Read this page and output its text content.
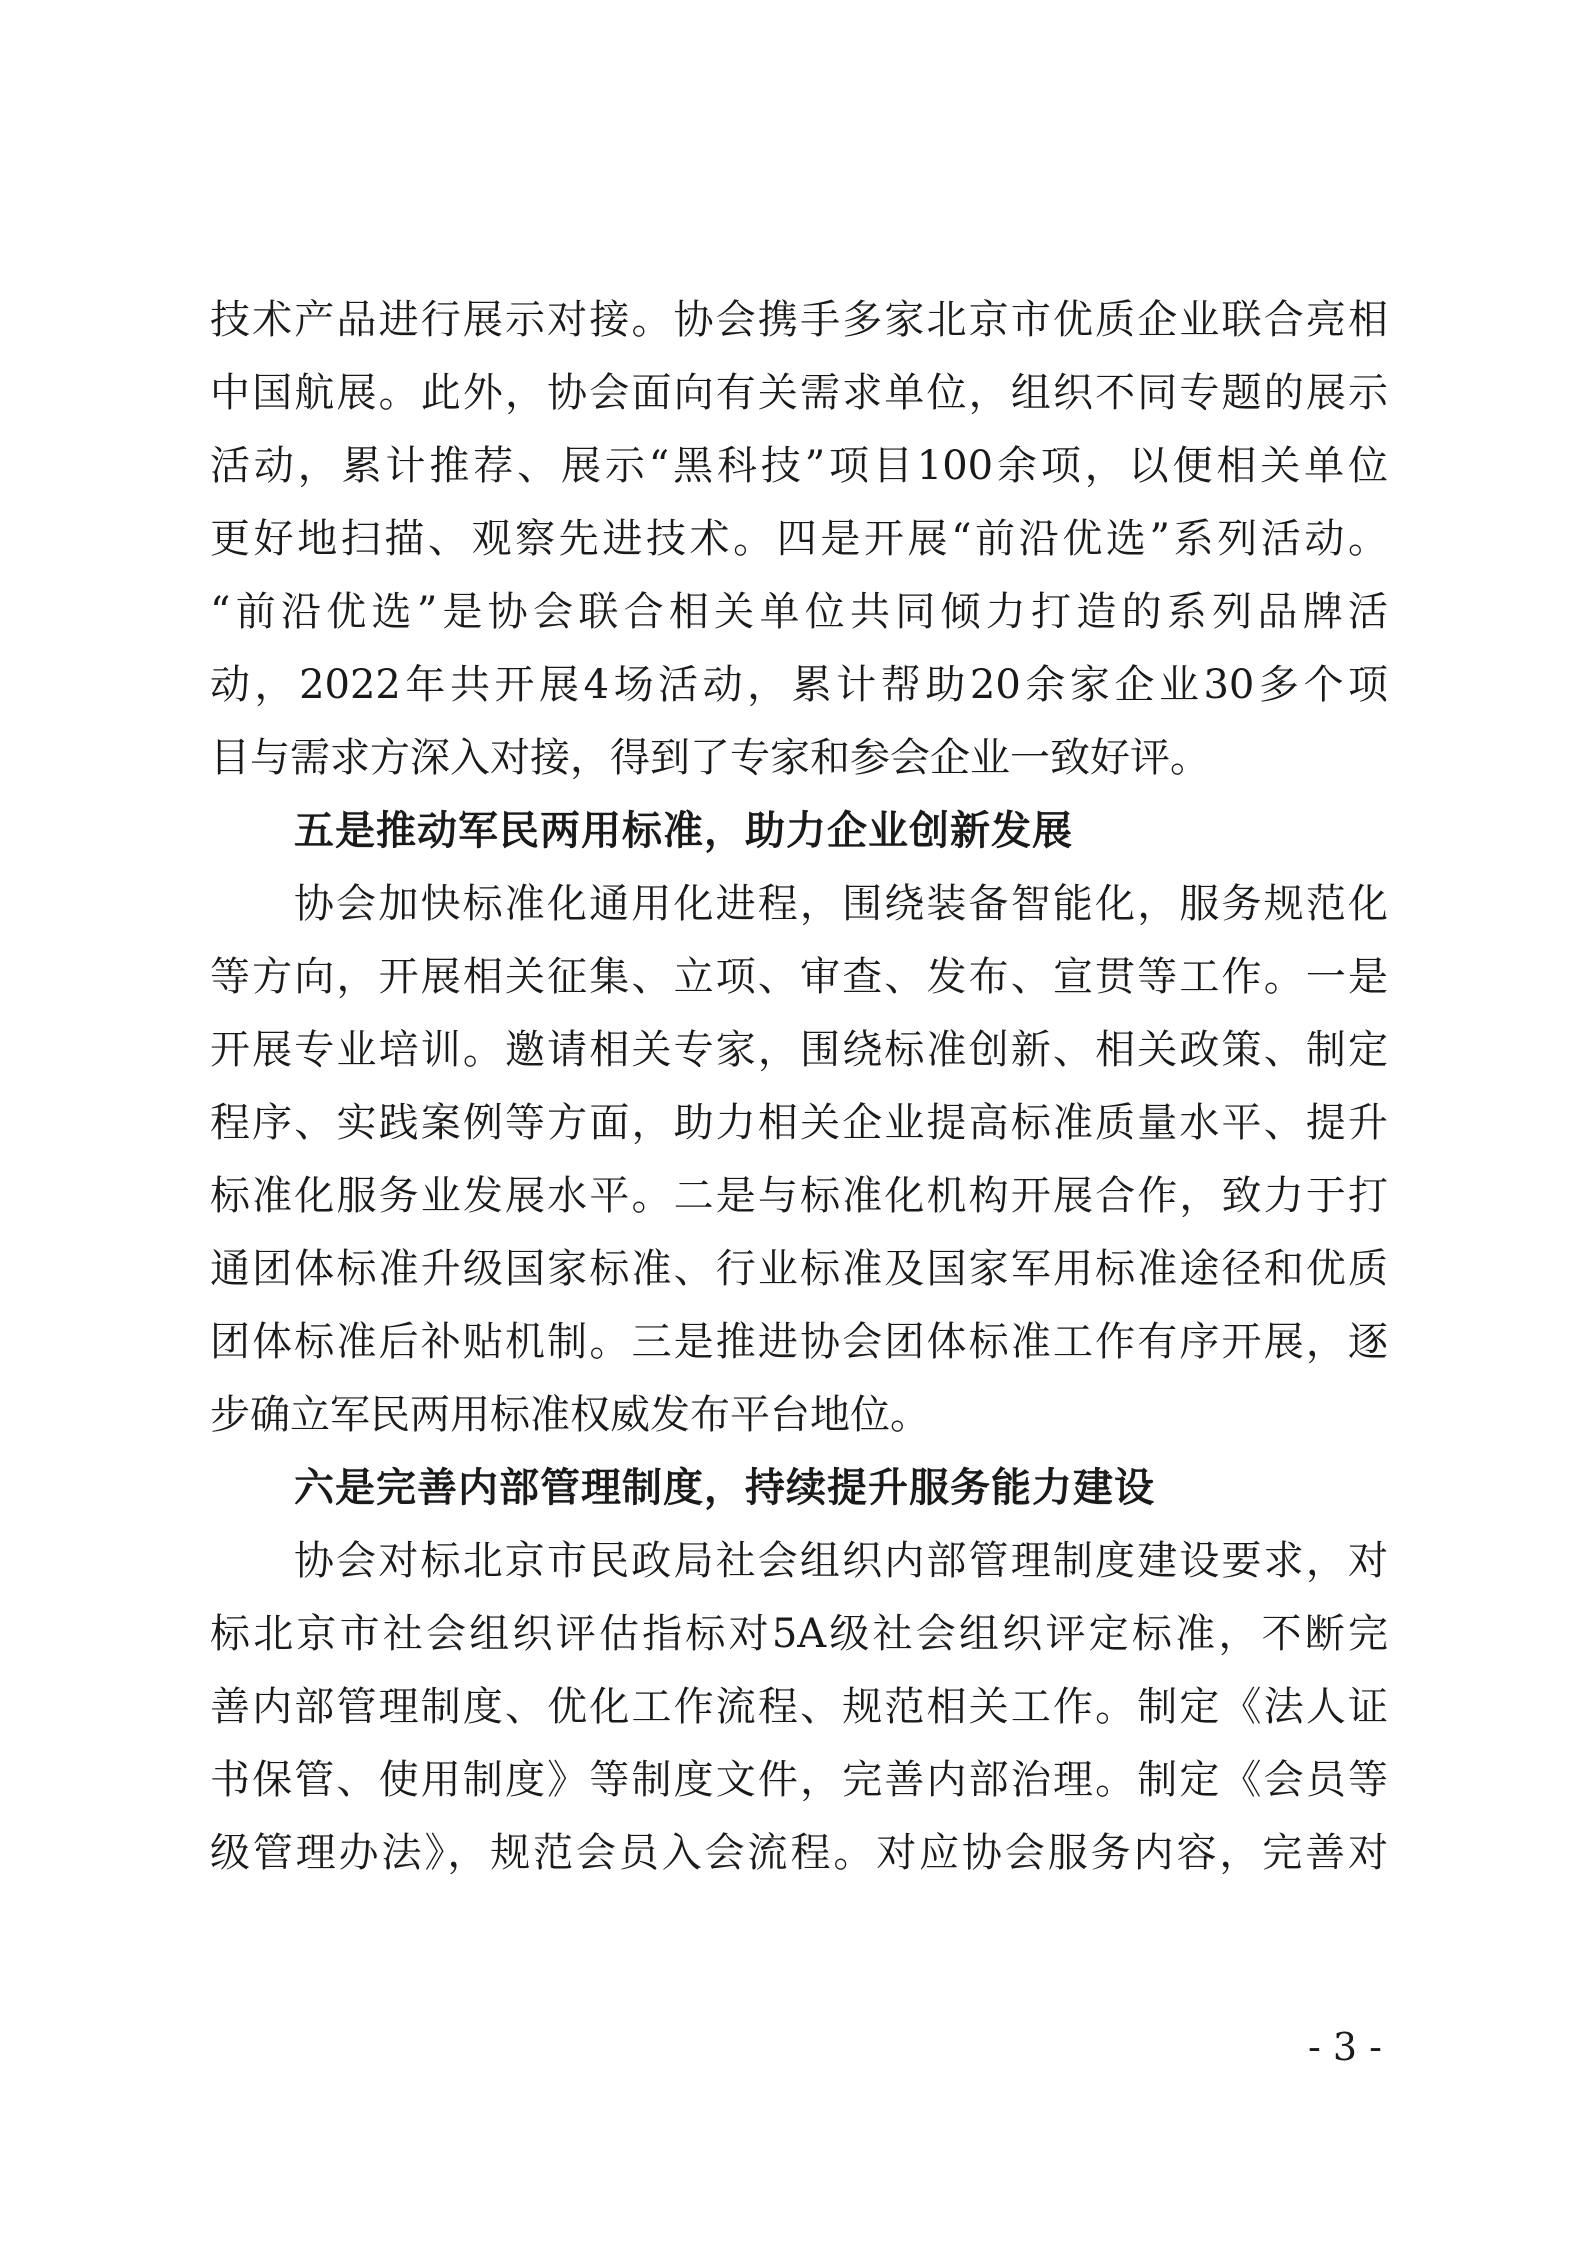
技术产品进行展示对接。协会携手多家北京市优质企业联合亮相
中国航展。此外，协会面向有关需求单位，组织不同专题的展示
活动，累计推荐、展示“黑科技”项目100余项，以便相关单位
更好地扫描、观察先进技术。四是开展“前沿优选”系列活动。
“前沿优选”是协会联合相关单位共同倾力打造的系列品牌活
动，2022年共开展4场活动，累计帮助20余家企业30多个项
目与需求方深入对接，得到了专家和参会企业一致好评。
五是推动军民两用标准，助力企业创新发展
协会加快标准化通用化进程，围绕装备智能化，服务规范化
等方向，开展相关征集、立项、审查、发布、宣贯等工作。一是
开展专业培训。邀请相关专家，围绕标准创新、相关政策、制定
程序、实践案例等方面，助力相关企业提高标准质量水平、提升
标准化服务业发展水平。二是与标准化机构开展合作，致力于打
通团体标准升级国家标准、行业标准及国家军用标准途径和优质
团体标准后补贴机制。三是推进协会团体标准工作有序开展，逐
步确立军民两用标准权威发布平台地位。
六是完善内部管理制度，持续提升服务能力建设
协会对标北京市民政局社会组织内部管理制度建设要求，对
标北京市社会组织评估指标对5A级社会组织评定标准，不断完
善内部管理制度、优化工作流程、规范相关工作。制定《法人证
书保管、使用制度》等制度文件，完善内部治理。制定《会员等
级管理办法》，规范会员入会流程。对应协会服务内容，完善对
- 3 -
